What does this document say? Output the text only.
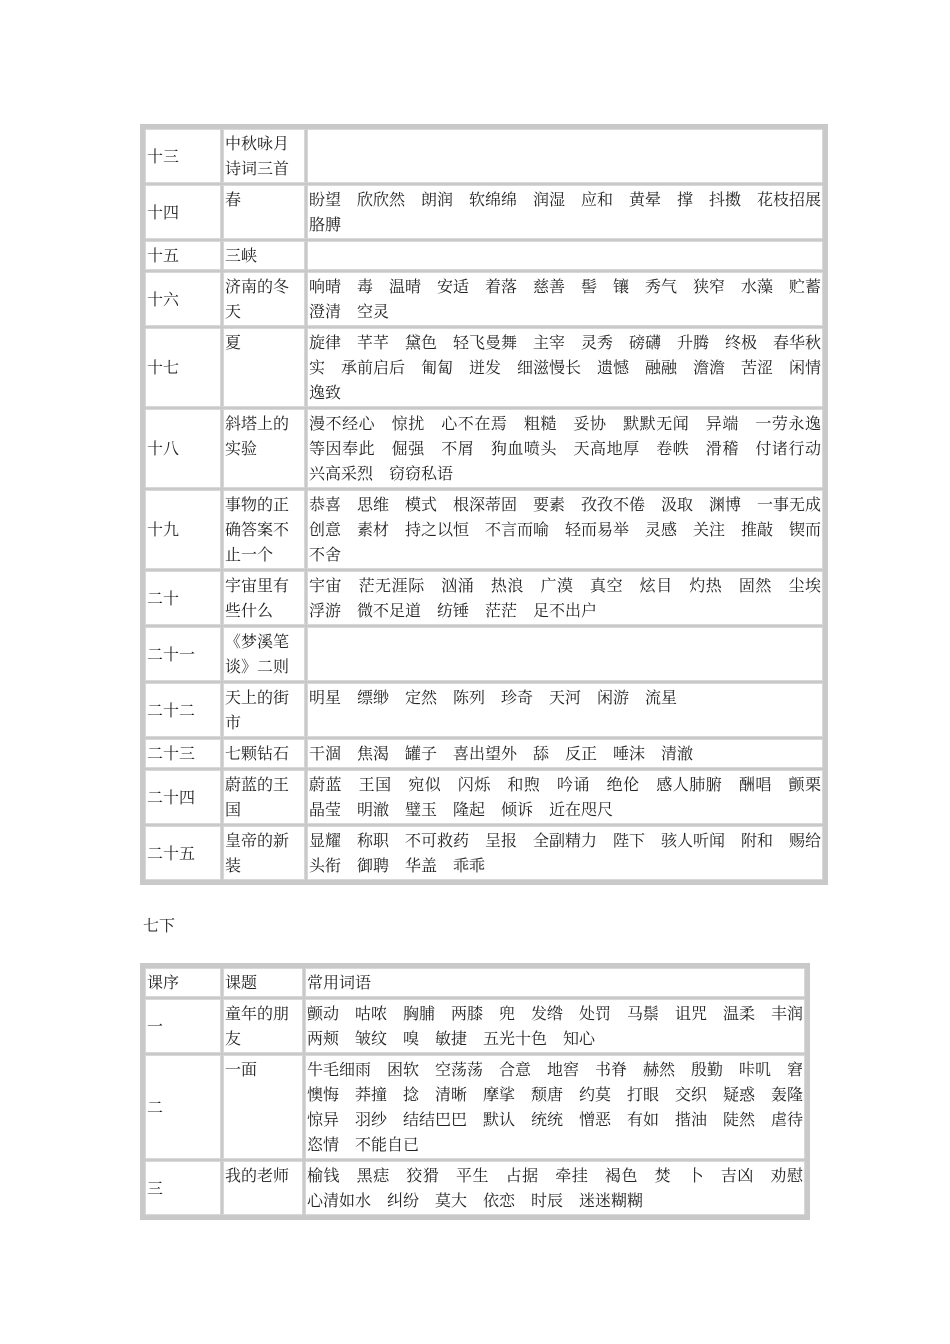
十三	中秋咏月诗词三首	
十四	春	盼望　欣欣然　朗润　软绵绵　润湿　应和　黄晕　撑　抖擞　花枝招展　胳膊
十五	三峡	
十六	济南的冬天	响晴　毒　温晴　安适　着落　慈善　髻　镶　秀气　狭窄　水藻　贮蓄　澄清　空灵
十七	夏	旋律　芊芊　黛色　轻飞曼舞　主宰　灵秀　磅礴　升腾　终极　春华秋实　承前启后　匍匐　迸发　细滋慢长　遗憾　融融　澹澹　苦涩　闲情　逸致
十八	斜塔上的实验	漫不经心　惊扰　心不在焉　粗糙　妥协　默默无闻　异端　一劳永逸　等因奉此　倔强　不屑　狗血喷头　天高地厚　卷帙　滑稽　付诸行动　兴高采烈　窃窃私语
十九	事物的正确答案不止一个	恭喜　思维　模式　根深蒂固　要素　孜孜不倦　汲取　渊博　一事无成　创意　素材　持之以恒　不言而喻　轻而易举　灵感　关注　推敲　锲而不舍
二十	宇宙里有些什么	宇宙　茫无涯际　汹涌　热浪　广漠　真空　炫目　灼热　固然　尘埃　浮游　微不足道　纺锤　茫茫　足不出户
二十一	《梦溪笔谈》二则	
二十二	天上的街市	明星　缥缈　定然　陈列　珍奇　天河　闲游　流星
二十三	七颗钻石	干涸　焦渴　罐子　喜出望外　舔　反正　唾沫　清澈
二十四	蔚蓝的王国	蔚蓝　王国　宛似　闪烁　和煦　吟诵　绝伦　感人肺腑　酬唱　颤栗　晶莹　明澈　璧玉　隆起　倾诉　近在咫尺
二十五	皇帝的新装	显耀　称职　不可救药　呈报　全副精力　陛下　骇人听闻　附和　赐给　头衔　御聘　华盖　乖乖
七下
课序	课题	常用词语
一	童年的朋友	颤动　咕哝　胸脯　两膝　兜　发绺　处罚　马鬃　诅咒　温柔　丰润　两颊　皱纹　嗅　敏捷　五光十色　知心
二	一面	牛毛细雨　困软　空荡荡　合意　地窖　书脊　赫然　殷勤　咔叽　窘　懊悔　莽撞　捻　清晰　摩挲　颓唐　约莫　打眼　交织　疑惑　轰隆　惊异　羽纱　结结巴巴　默认　统统　憎恶　有如　揩油　陡然　虐待　恣情　不能自已
三	我的老师	榆钱　黑痣　狡猾　平生　占据　牵挂　褐色　焚　卜　吉凶　劝慰　心清如水　纠纷　莫大　依恋　时辰　迷迷糊糊
